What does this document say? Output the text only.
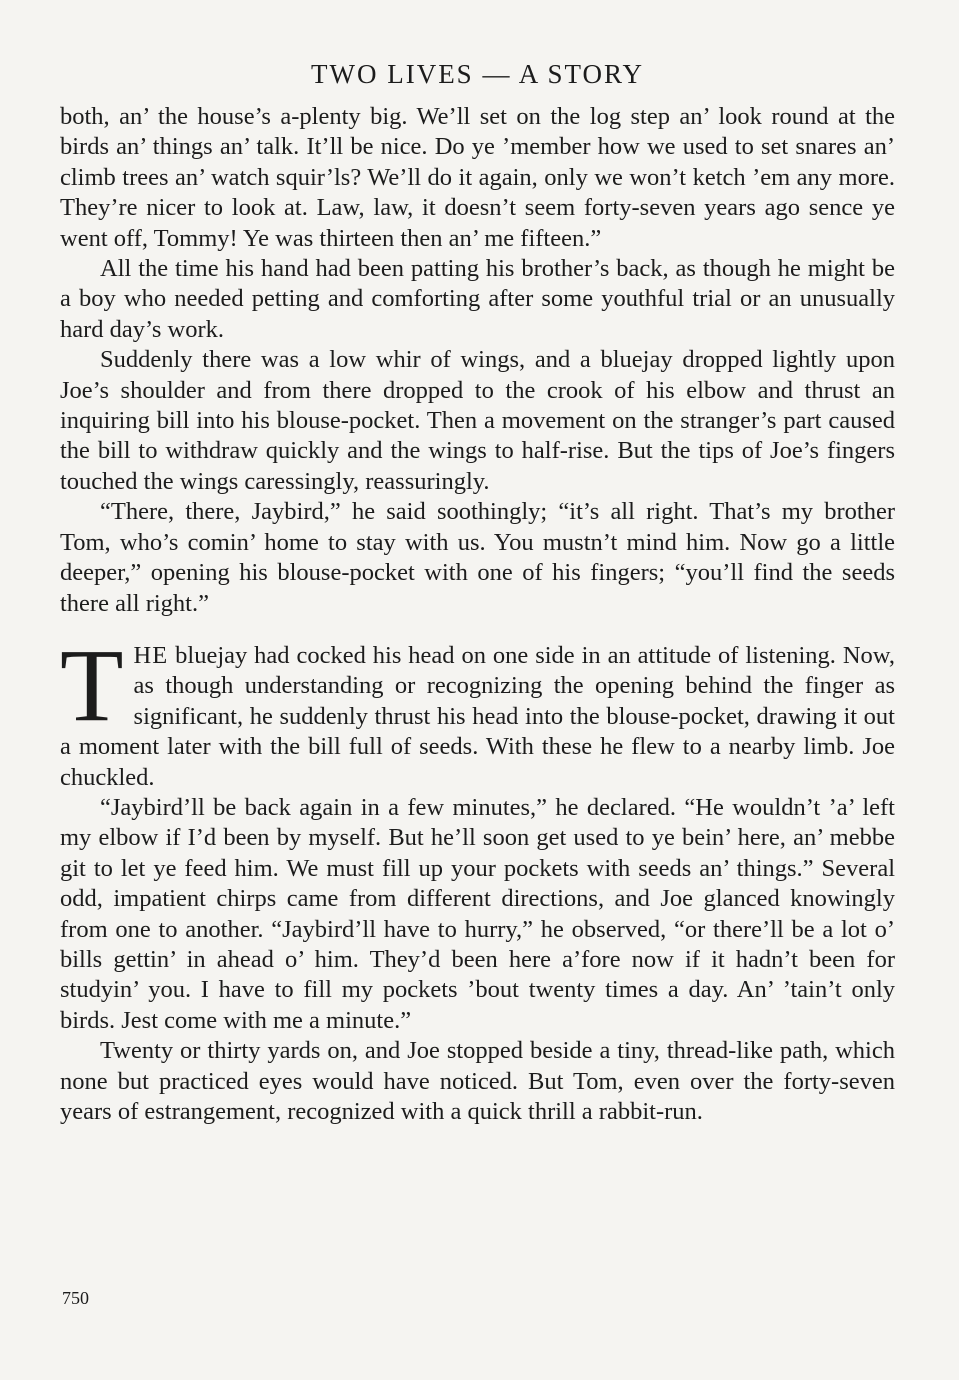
TWO LIVES — A STORY

both, an’ the house’s a-plenty big. We’ll set on the log step an’ look round at the birds an’ things an’ talk. It’ll be nice. Do ye ’member how we used to set snares an’ climb trees an’ watch squir’ls? We’ll do it again, only we won’t ketch ’em any more. They’re nicer to look at. Law, law, it doesn’t seem forty-seven years ago sence ye went off, Tommy! Ye was thirteen then an’ me fifteen.”

All the time his hand had been patting his brother’s back, as though he might be a boy who needed petting and comforting after some youthful trial or an unusually hard day’s work.

Suddenly there was a low whir of wings, and a bluejay dropped lightly upon Joe’s shoulder and from there dropped to the crook of his elbow and thrust an inquiring bill into his blouse-pocket. Then a movement on the stranger’s part caused the bill to withdraw quickly and the wings to half-rise. But the tips of Joe’s fingers touched the wings caressingly, reassuringly.

“There, there, Jaybird,” he said soothingly; “it’s all right. That’s my brother Tom, who’s comin’ home to stay with us. You mustn’t mind him. Now go a little deeper,” opening his blouse-pocket with one of his fingers; “you’ll find the seeds there all right.”

THE bluejay had cocked his head on one side in an attitude of listening. Now, as though understanding or recognizing the opening behind the finger as significant, he suddenly thrust his head into the blouse-pocket, drawing it out a moment later with the bill full of seeds. With these he flew to a nearby limb. Joe chuckled.

“Jaybird’ll be back again in a few minutes,” he declared. “He wouldn’t ’a’ left my elbow if I’d been by myself. But he’ll soon get used to ye bein’ here, an’ mebbe git to let ye feed him. We must fill up your pockets with seeds an’ things.” Several odd, impatient chirps came from different directions, and Joe glanced knowingly from one to another. “Jaybird’ll have to hurry,” he observed, “or there’ll be a lot o’ bills gettin’ in ahead o’ him. They’d been here a’fore now if it hadn’t been for studyin’ you. I have to fill my pockets ’bout twenty times a day. An’ ’tain’t only birds. Jest come with me a minute.”

Twenty or thirty yards on, and Joe stopped beside a tiny, thread-like path, which none but practiced eyes would have noticed. But Tom, even over the forty-seven years of estrangement, recognized with a quick thrill a rabbit-run.

750
